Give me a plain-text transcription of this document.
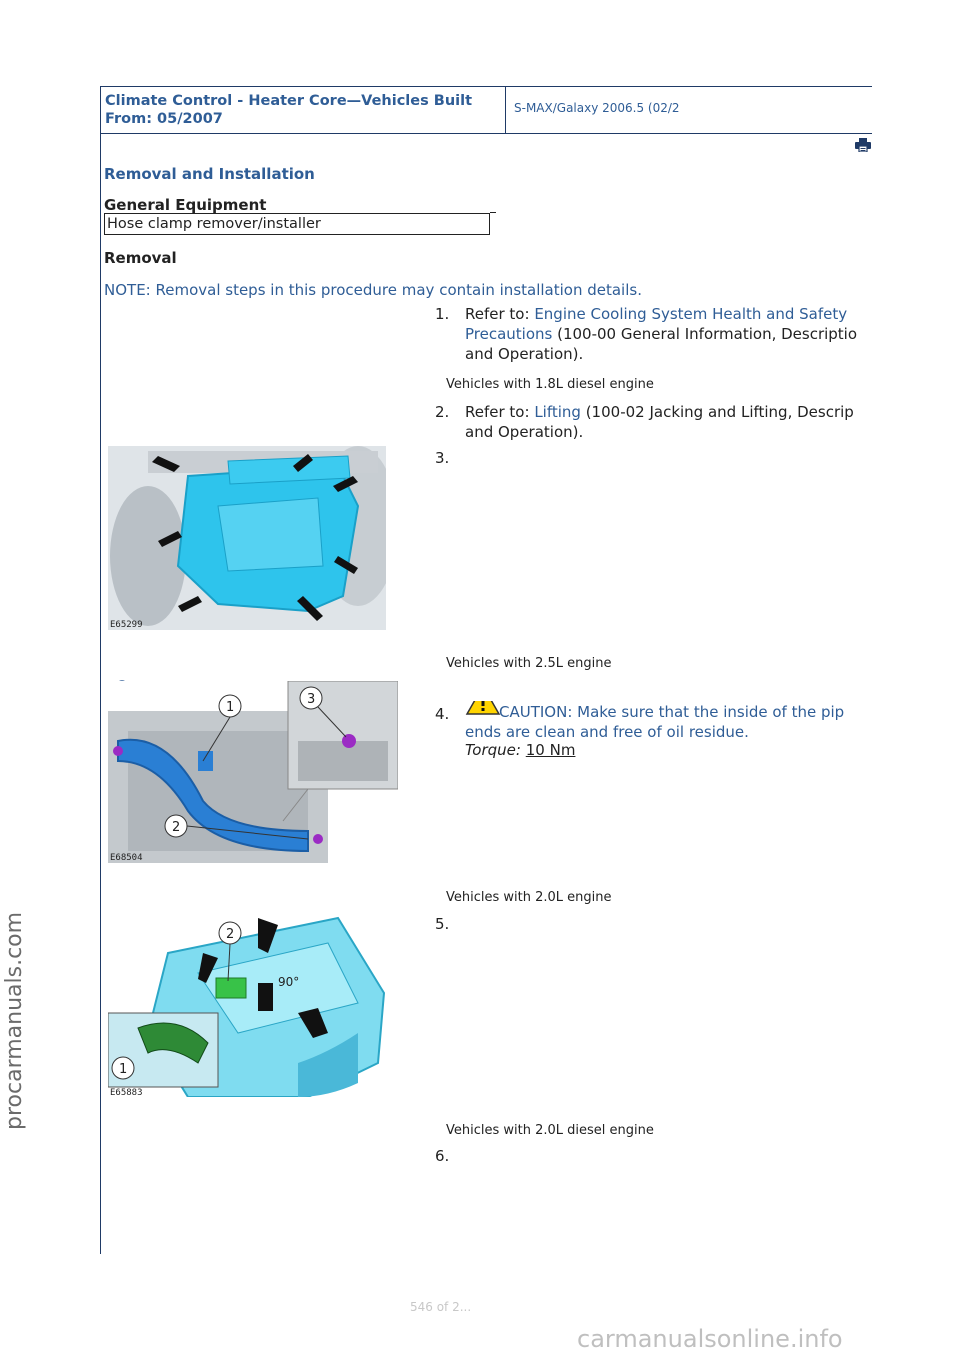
procarmanuals.com
Climate Control - Heater Core—Vehicles Built
From: 05/2007
S-MAX/Galaxy 2006.5 (02/2
Removal and Installation
General Equipment
Hose clamp remover/installer
Removal
NOTE: Removal steps in this procedure may contain installation details.
1. Refer to: Engine Cooling System Health and Safety
Precautions (100-00 General Information, Descriptio
and Operation).
Vehicles with 1.8L diesel engine
2. Refer to: Lifting (100-02 Jacking and Lifting, Descrip
and Operation).
E65299
3.
Vehicles with 2.5L engine
1
2
3
E68504
4.	CAUTION: Make sure that the inside of the pip
ends are clean and free of oil residue.
Torque: 10 Nm
Vehicles with 2.0L engine
90°
2
1
E65883
5.
Vehicles with 2.0L diesel engine
6.
546 of 2...
carmanualsonline.info
